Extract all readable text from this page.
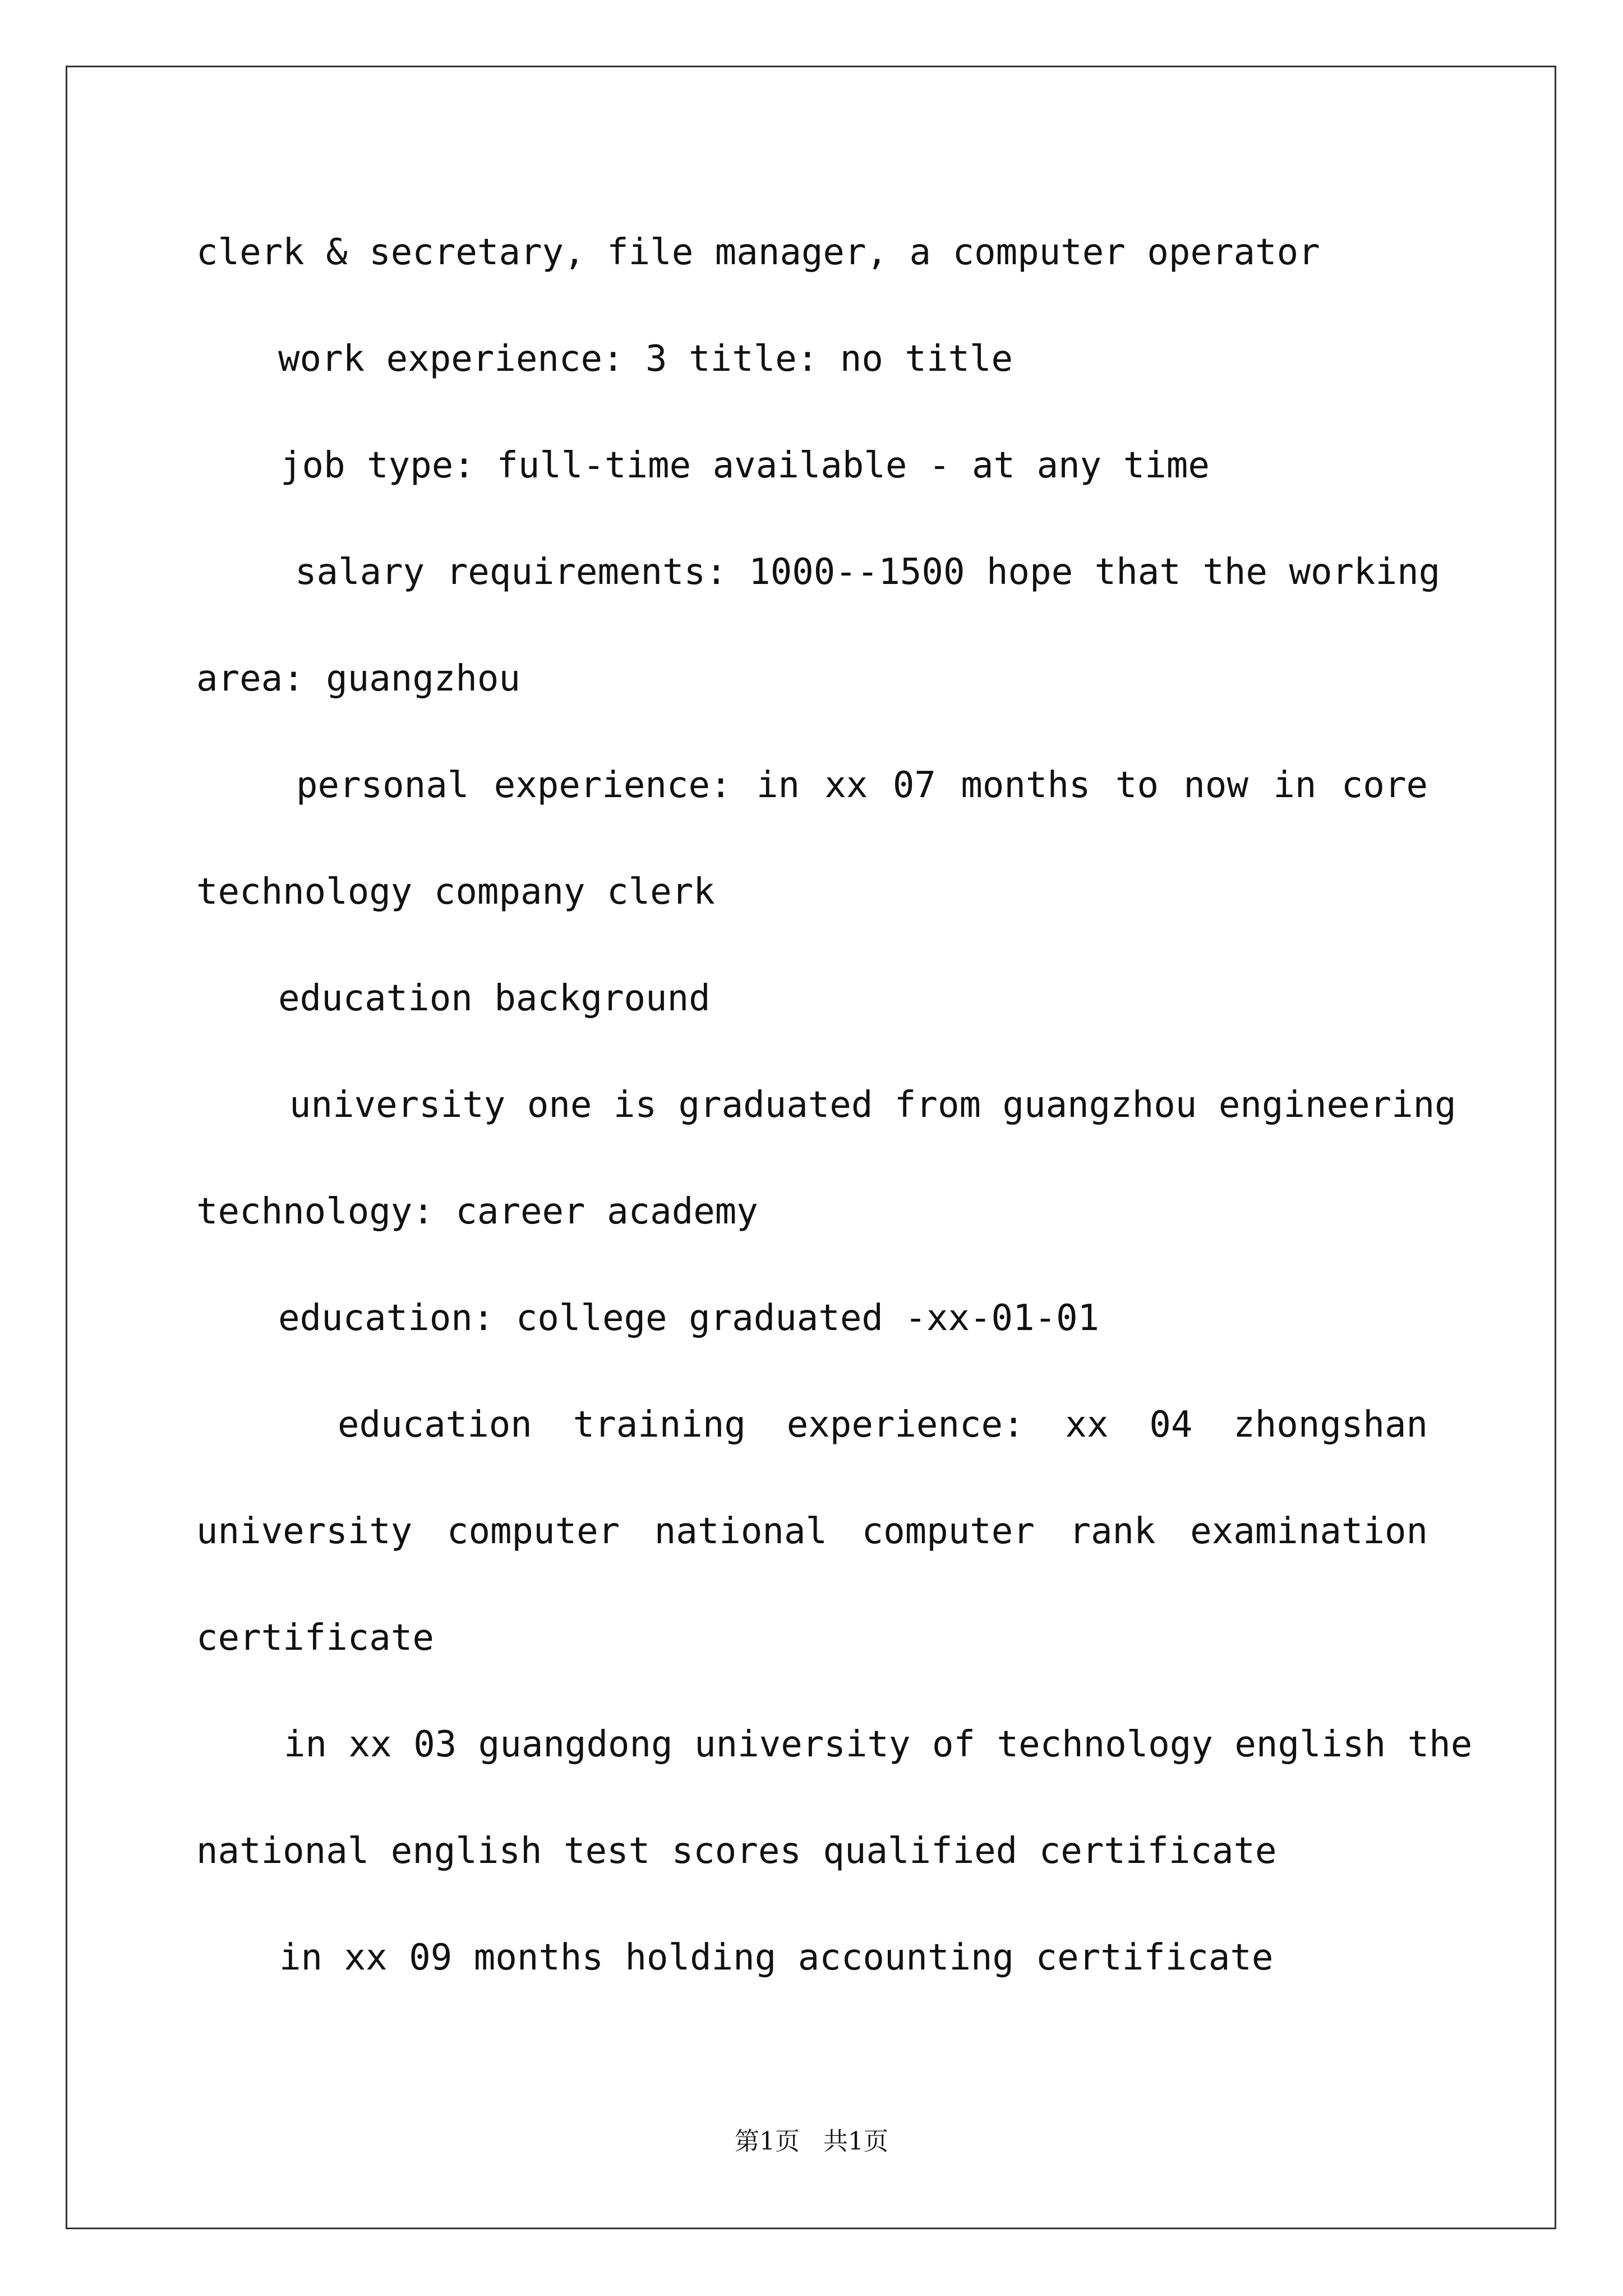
clerk & secretary, file manager, a computer operator
work experience: 3 title: no title
job type: full-time available - at any time
salary requirements: 1000--1500 hope that the working
area: guangzhou
personal experience: in xx 07 months to now in core
technology company clerk
education background
university one is graduated from guangzhou engineering
technology: career academy
education: college graduated -xx-01-01
education training experience: xx 04 zhongshan
university computer national computer rank examination
certificate
in xx 03 guangdong university of technology english the
national english test scores qualified certificate
in xx 09 months holding accounting certificate
第1页 共1页
